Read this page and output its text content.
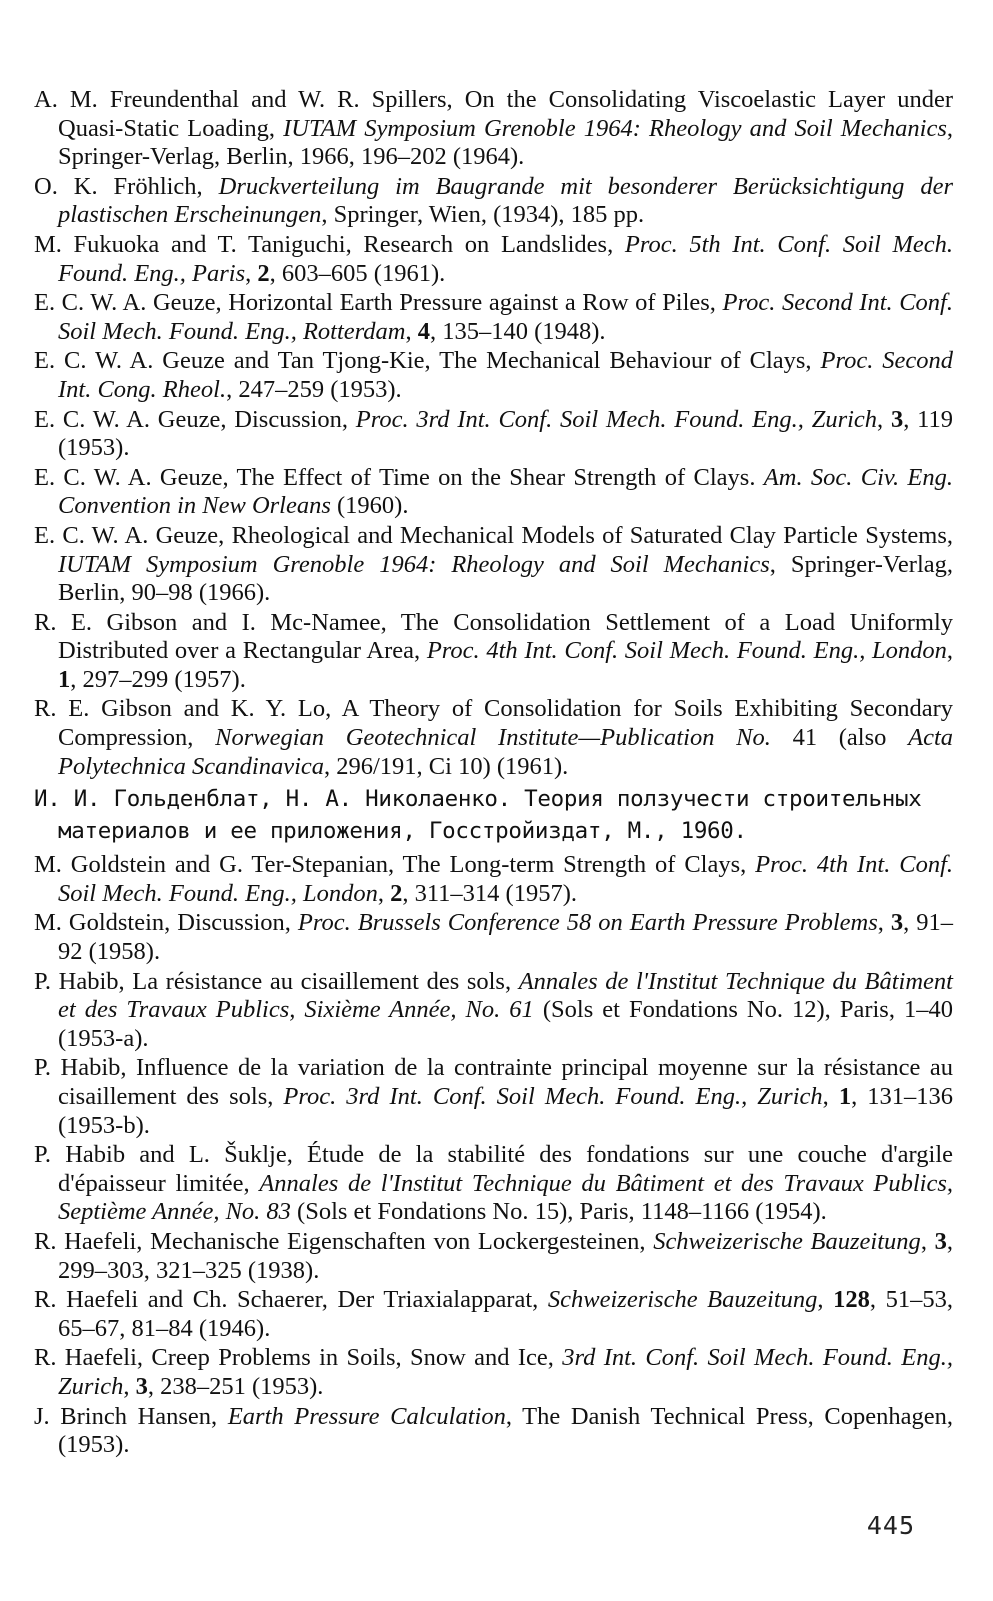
A. M. Freundenthal and W. R. Spillers, On the Consolidating Viscoelastic Layer under Quasi-Static Loading, IUTAM Symposium Grenoble 1964: Rheology and Soil Mechanics, Springer-Verlag, Berlin, 1966, 196–202 (1964).
O. K. Fröhlich, Druckverteilung im Baugrande mit besonderer Berücksichtigung der plastischen Erscheinungen, Springer, Wien, (1934), 185 pp.
M. Fukuoka and T. Taniguchi, Research on Landslides, Proc. 5th Int. Conf. Soil Mech. Found. Eng., Paris, 2, 603–605 (1961).
E. C. W. A. Geuze, Horizontal Earth Pressure against a Row of Piles, Proc. Second Int. Conf. Soil Mech. Found. Eng., Rotterdam, 4, 135–140 (1948).
E. C. W. A. Geuze and Tan Tjong-Kie, The Mechanical Behaviour of Clays, Proc. Second Int. Cong. Rheol., 247–259 (1953).
E. C. W. A. Geuze, Discussion, Proc. 3rd Int. Conf. Soil Mech. Found. Eng., Zurich, 3, 119 (1953).
E. C. W. A. Geuze, The Effect of Time on the Shear Strength of Clays. Am. Soc. Civ. Eng. Convention in New Orleans (1960).
E. C. W. A. Geuze, Rheological and Mechanical Models of Saturated Clay Particle Systems, IUTAM Symposium Grenoble 1964: Rheology and Soil Mechanics, Springer-Verlag, Berlin, 90–98 (1966).
R. E. Gibson and I. Mc-Namee, The Consolidation Settlement of a Load Uniformly Distributed over a Rectangular Area, Proc. 4th Int. Conf. Soil Mech. Found. Eng., London, 1, 297–299 (1957).
R. E. Gibson and K. Y. Lo, A Theory of Consolidation for Soils Exhibiting Secondary Compression, Norwegian Geotechnical Institute—Publication No. 41 (also Acta Polytechnica Scandinavica, 296/191, Ci 10) (1961).
И. И. Гольденблат, Н. А. Николаенко. Теория ползучести строительных материалов и ее приложения, Госстройиздат, М., 1960.
M. Goldstein and G. Ter-Stepanian, The Long-term Strength of Clays, Proc. 4th Int. Conf. Soil Mech. Found. Eng., London, 2, 311–314 (1957).
M. Goldstein, Discussion, Proc. Brussels Conference 58 on Earth Pressure Problems, 3, 91–92 (1958).
P. Habib, La résistance au cisaillement des sols, Annales de l'Institut Technique du Bâtiment et des Travaux Publics, Sixième Année, No. 61 (Sols et Fondations No. 12), Paris, 1–40 (1953-a).
P. Habib, Influence de la variation de la contrainte principal moyenne sur la résistance au cisaillement des sols, Proc. 3rd Int. Conf. Soil Mech. Found. Eng., Zurich, 1, 131–136 (1953-b).
P. Habib and L. Šuklje, Étude de la stabilité des fondations sur une couche d'argile d'épaisseur limitée, Annales de l'Institut Technique du Bâtiment et des Travaux Publics, Septième Année, No. 83 (Sols et Fondations No. 15), Paris, 1148–1166 (1954).
R. Haefeli, Mechanische Eigenschaften von Lockergesteinen, Schweizerische Bauzeitung, 3, 299–303, 321–325 (1938).
R. Haefeli and Ch. Schaerer, Der Triaxialapparat, Schweizerische Bauzeitung, 128, 51–53, 65–67, 81–84 (1946).
R. Haefeli, Creep Problems in Soils, Snow and Ice, 3rd Int. Conf. Soil Mech. Found. Eng., Zurich, 3, 238–251 (1953).
J. Brinch Hansen, Earth Pressure Calculation, The Danish Technical Press, Copenhagen, (1953).
445
